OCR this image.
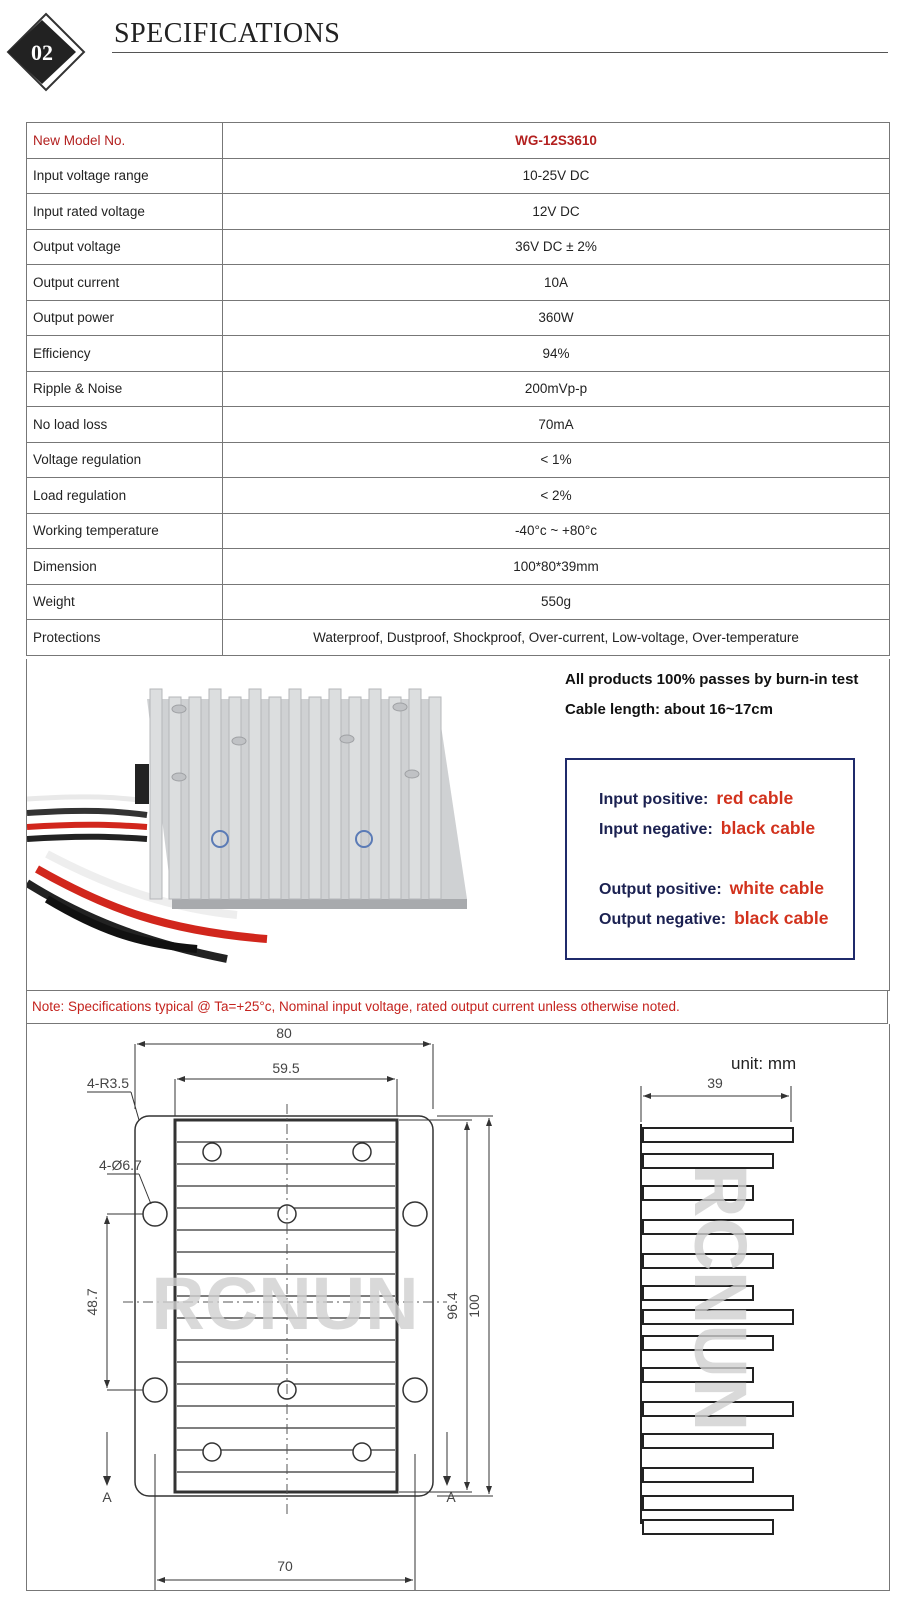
02
SPECIFICATIONS
New Model No.	WG-12S3610
Input voltage range	10-25V DC
Input rated voltage	12V DC
Output voltage	36V DC ± 2%
Output current	10A
Output power	360W
Efficiency	94%
Ripple & Noise	200mVp-p
No load loss	70mA
Voltage regulation	< 1%
Load regulation	< 2%
Working temperature	-40°c ~ +80°c
Dimension	100*80*39mm
Weight	550g
Protections	Waterproof, Dustproof, Shockproof, Over-current, Low-voltage, Over-temperature
All products 100% passes by burn-in test
Cable length: about 16~17cm
Input positive: red cable
Input negative: black cable
Output positive: white cable
Output negative: black cable
Note: Specifications typical @ Ta=+25°c, Nominal input voltage, rated output current unless otherwise noted.
unit: mm
RCNUN
80
59.5
4-R3.5
4-Ø6.7
48.7	96.4 100
70
A	A
39
RCNUN
